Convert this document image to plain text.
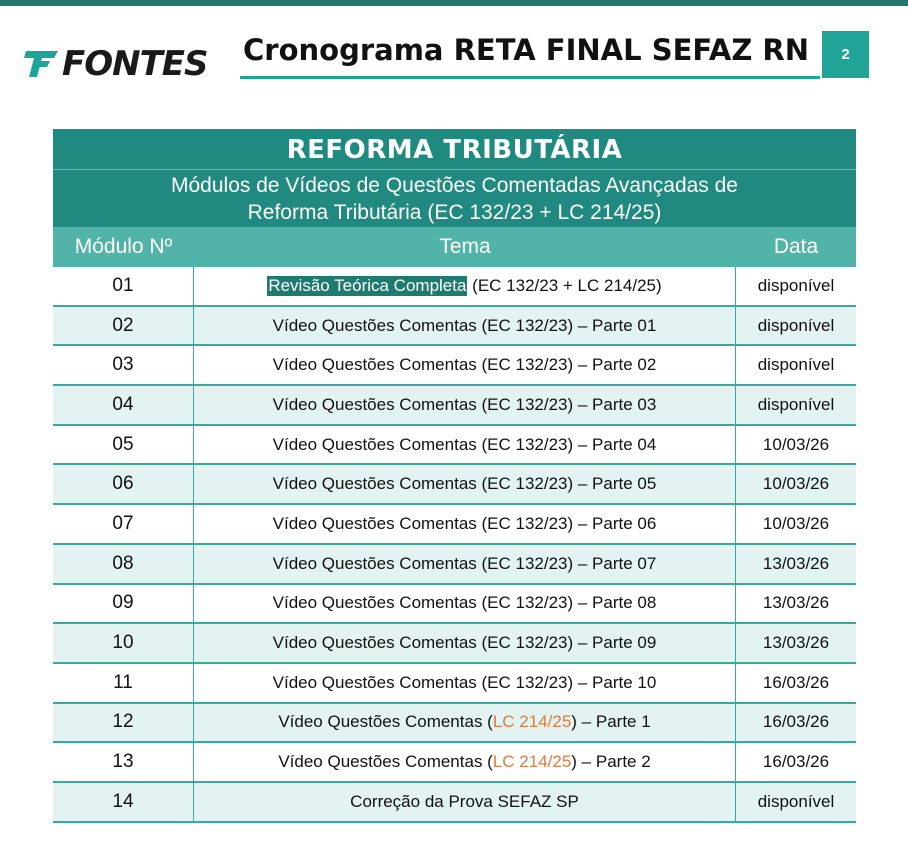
FONTES Cronograma RETA FINAL SEFAZ RN	2
REFORMA TRIBUTÁRIA
Módulos de Vídeos de Questões Comentadas Avançadas de
Reforma Tributária (EC 132/23 + LC 214/25)
Módulo Nº	Tema	Data
01	Revisão Teórica Completa (EC 132/23 + LC 214/25)	disponível
02	Vídeo Questões Comentas (EC 132/23) – Parte 01	disponível
03	Vídeo Questões Comentas (EC 132/23) – Parte 02	disponível
04	Vídeo Questões Comentas (EC 132/23) – Parte 03	disponível
05	Vídeo Questões Comentas (EC 132/23) – Parte 04	10/03/26
06	Vídeo Questões Comentas (EC 132/23) – Parte 05	10/03/26
07	Vídeo Questões Comentas (EC 132/23) – Parte 06	10/03/26
08	Vídeo Questões Comentas (EC 132/23) – Parte 07	13/03/26
09	Vídeo Questões Comentas (EC 132/23) – Parte 08	13/03/26
10	Vídeo Questões Comentas (EC 132/23) – Parte 09	13/03/26
11	Vídeo Questões Comentas (EC 132/23) – Parte 10	16/03/26
12	Vídeo Questões Comentas ( LC 214/25 ) – Parte 1	16/03/26
13	Vídeo Questões Comentas ( LC 214/25 ) – Parte 2	16/03/26
14	Correção da Prova SEFAZ SP	disponível
